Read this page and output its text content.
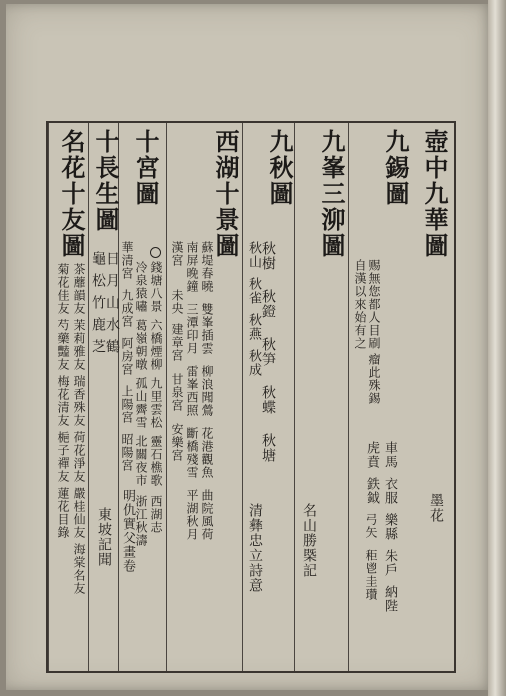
壺中九華圖
九錫圖
赐無您都人目刷
瘤此殊錫
自漢以來始有之
九峯三泖圖
名山勝槩記
九秋圖
清彝忠立詩意
西湖十景圖
十宮圖
十長生圖
名花十友圖
車馬
衣服
樂縣
朱戶
納陛
虎賁
鉄鉞
弓矢
秬鬯圭瓚
墨花
秋樹
秋鐙
秋笋
秋蝶
秋塘
秋山
秋雀
秋燕
秋成
蘇堤春曉
雙峯插雲
柳浪聞鶯
花港觀魚
曲院風荷
南屏晚鐘
三潭印月
雷峯西照
斷橋殘雪
平湖秋月
錢塘八景
六橋煙柳
九里雲松
靈石樵歌
冷泉猿嘯
葛嶺朝暾
孤山霽雪
北關夜市
浙江秋濤 西湖志
漢宮
未央
建章宮
甘泉宮
安樂宮
華清宮
九成宮
阿房宮
上陽宮
昭陽宮
明仇實父畫卷
日
月
山
水
鶴
龜
松
竹
鹿
芝
東坡記聞
茶蘼韻友
茉莉雅友
瑞香殊友
荷花淨友
嚴桂仙友
海棠名友
菊花佳友
芍藥豔友
梅花清友
梔子禪友
蓮花目錄
